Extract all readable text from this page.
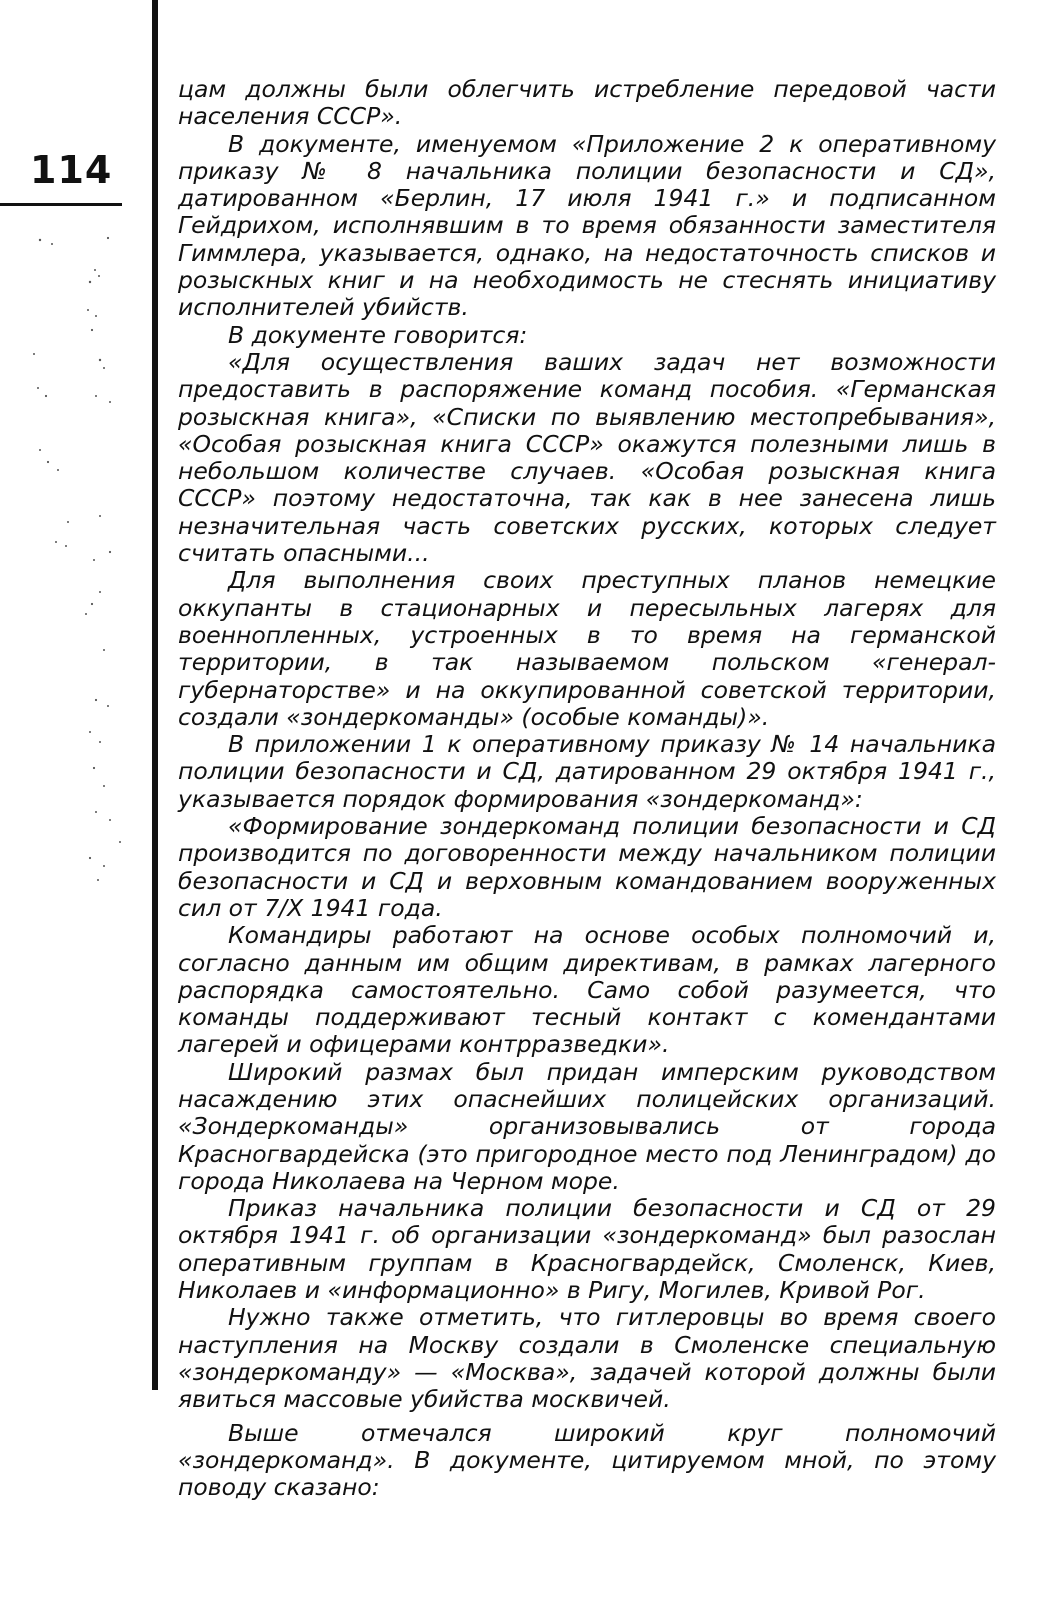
114

цам должны были облегчить истребление передовой части населения СССР».

В документе, именуемом «Приложение 2 к оперативному приказу № 8 начальника полиции безопасности и СД», датированном «Берлин, 17 июля 1941 г.» и подписанном Гейдрихом, исполнявшим в то время обязанности заместителя Гиммлера, указывается, однако, на недостаточность списков и розыскных книг и на необходимость не стеснять инициативу исполнителей убийств.

В документе говорится:

«Для осуществления ваших задач нет возможности предоставить в распоряжение команд пособия. «Германская розыскная книга», «Списки по выявлению местопребывания», «Особая розыскная книга СССР» окажутся полезными лишь в небольшом количестве случаев. «Особая розыскная книга СССР» поэтому недостаточна, так как в нее занесена лишь незначительная часть советских русских, которых следует считать опасными...

Для выполнения своих преступных планов немецкие оккупанты в стационарных и пересыльных лагерях для военнопленных, устроенных в то время на германской территории, в так называемом польском «генерал-губернаторстве» и на оккупированной советской территории, создали «зондеркоманды» (особые команды)».

В приложении 1 к оперативному приказу № 14 начальника полиции безопасности и СД, датированном 29 октября 1941 г., указывается порядок формирования «зондеркоманд»:

«Формирование зондеркоманд полиции безопасности и СД производится по договоренности между начальником полиции безопасности и СД и верховным командованием вооруженных сил от 7/X 1941 года.

Командиры работают на основе особых полномочий и, согласно данным им общим директивам, в рамках лагерного распорядка самостоятельно. Само собой разумеется, что команды поддерживают тесный контакт с комендантами лагерей и офицерами контрразведки».

Широкий размах был придан имперским руководством насаждению этих опаснейших полицейских организаций. «Зондеркоманды» организовывались от города Красногвардейска (это пригородное место под Ленинградом) до города Николаева на Черном море.

Приказ начальника полиции безопасности и СД от 29 октября 1941 г. об организации «зондеркоманд» был разослан оперативным группам в Красногвардейск, Смоленск, Киев, Николаев и «информационно» в Ригу, Могилев, Кривой Рог.

Нужно также отметить, что гитлеровцы во время своего наступления на Москву создали в Смоленске специальную «зондеркоманду» — «Москва», задачей которой должны были явиться массовые убийства москвичей.

Выше отмечался широкий круг полномочий «зондеркоманд». В документе, цитируемом мной, по этому поводу сказано:
